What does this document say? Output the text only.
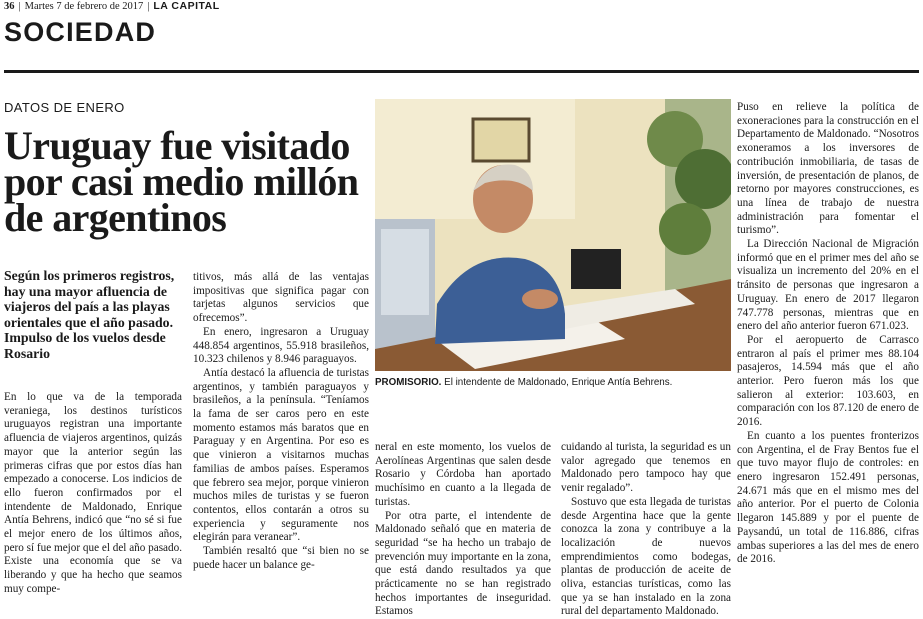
36 | Martes 7 de febrero de 2017 | LA CAPITAL
SOCIEDAD
DATOS DE ENERO
Uruguay fue visitado por casi medio millón de argentinos
Según los primeros registros, hay una mayor afluencia de viajeros del país a las playas orientales que el año pasado. Impulso de los vuelos desde Rosario

En lo que va de la temporada veraniega, los destinos turísticos uruguayos registran una importante afluencia de viajeros argentinos, quizás mayor que la anterior según las primeras cifras que por estos días han empezado a conocerse. Los indicios de ello fueron confirmados por el intendente de Maldonado, Enrique Antía Behrens, indicó que “no sé si fue el mejor enero de los últimos años, pero sí fue mejor que el del año pasado. Existe una economía que se va liberando y que ha hecho que seamos muy compe-

titivos, más allá de las ventajas impositivas que significa pagar con tarjetas algunos servicios que ofrecemos”.

En enero, ingresaron a Uruguay 448.854 argentinos, 55.918 brasileños, 10.323 chilenos y 8.946 paraguayos.

Antía destacó la afluencia de turistas argentinos, y también paraguayos y brasileños, a la península. “Teníamos la fama de ser caros pero en este momento estamos más baratos que en Paraguay y en Argentina. Por eso es que vinieron a visitarnos muchas familias de ambos países. Esperamos que febrero sea mejor, porque vinieron muchos miles de turistas y se fueron contentos, ellos contarán a otros su experiencia y seguramente nos elegirán para veranear”.

También resaltó que “si bien no se puede hacer un balance ge-

neral en este momento, los vuelos de Aerolíneas Argentinas que salen desde Rosario y Córdoba han aportado muchísimo en cuanto a la llegada de turistas.

Por otra parte, el intendente de Maldonado señaló que en materia de seguridad “se ha hecho un trabajo de prevención muy importante en la zona, que está dando resultados ya que prácticamente no se han registrado hechos importantes de inseguridad. Estamos

cuidando al turista, la seguridad es un valor agregado que tenemos en Maldonado pero tampoco hay que venir regalado”.

Sostuvo que esta llegada de turistas desde Argentina hace que la gente conozca la zona y contribuye a la localización de nuevos emprendimientos como bodegas, plantas de producción de aceite de oliva, estancias turísticas, como las que ya se han instalado en la zona rural del departamento Maldonado.

Puso en relieve la política de exoneraciones para la construcción en el Departamento de Maldonado. “Nosotros exoneramos a los inversores de contribución inmobiliaria, de tasas de inversión, de presentación de planos, de retorno por mayores construcciones, es una línea de trabajo de nuestra administración para fomentar el turismo”.

La Dirección Nacional de Migración informó que en el primer mes del año se visualiza un incremento del 20% en el tránsito de personas que ingresaron a Uruguay. En enero de 2017 llegaron 747.778 personas, mientras que en enero del año anterior fueron 671.023.

Por el aeropuerto de Carrasco entraron al país el primer mes 88.104 pasajeros, 14.594 más que el año anterior. Pero fueron más los que salieron al exterior: 103.603, en comparación con los 87.120 de enero de 2016.

En cuanto a los puentes fronterizos con Argentina, el de Fray Bentos fue el que tuvo mayor flujo de controles: en enero ingresaron 152.491 personas, 24.671 más que en el mismo mes del año anterior. Por el puerto de Colonia llegaron 145.889 y por el puente de Paysandú, un total de 116.886, cifras ambas superiores a las del mes de enero de 2016.

PROMISORIO. El intendente de Maldonado, Enrique Antía Behrens.
